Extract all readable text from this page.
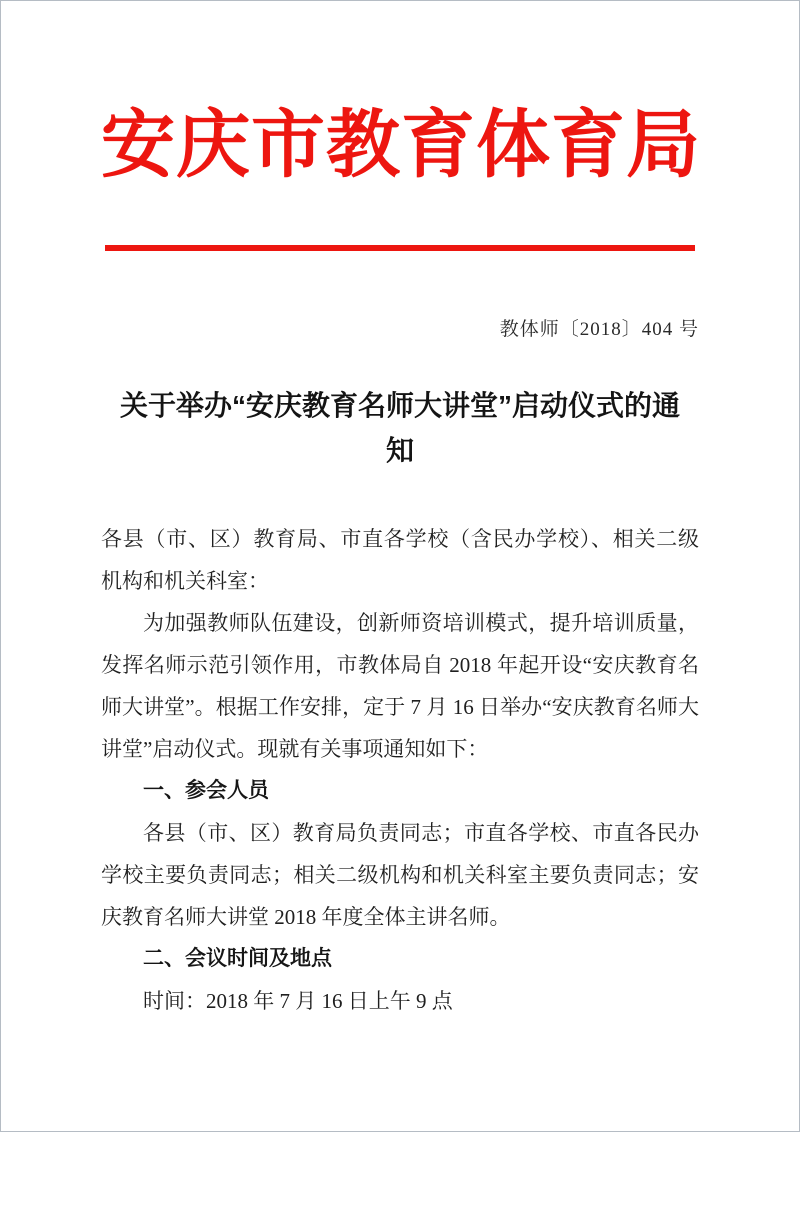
安庆市教育体育局
教体师〔2018〕404 号
关于举办“安庆教育名师大讲堂”启动仪式的通
知

各县（市、区）教育局、市直各学校（含民办学校）、相关二级机构和机关科室：

为加强教师队伍建设，创新师资培训模式，提升培训质量，发挥名师示范引领作用，市教体局自 2018 年起开设“安庆教育名师大讲堂”。根据工作安排，定于 7 月 16 日举办“安庆教育名师大讲堂”启动仪式。现就有关事项通知如下：

一、参会人员

各县（市、区）教育局负责同志；市直各学校、市直各民办学校主要负责同志；相关二级机构和机关科室主要负责同志；安庆教育名师大讲堂 2018 年度全体主讲名师。

二、会议时间及地点

时间：2018 年 7 月 16 日上午 9 点
